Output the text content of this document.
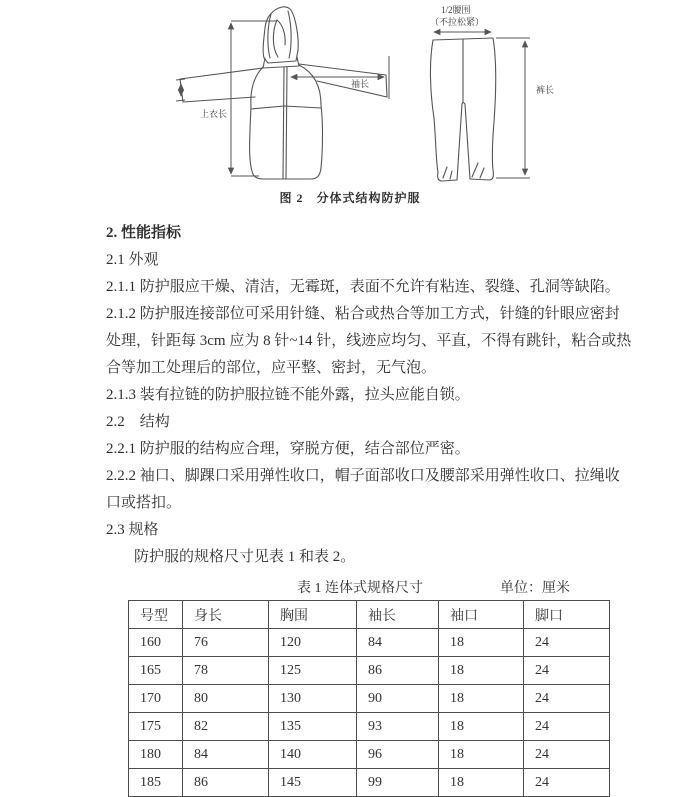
上衣长
袖长
1/2腰围
（不拉松紧）
裤长
图 2　分体式结构防护服
2. 性能指标
2.1 外观
2.1.1 防护服应干燥、清洁，无霉斑，表面不允许有粘连、裂缝、孔洞等缺陷。
2.1.2 防护服连接部位可采用针缝、粘合或热合等加工方式，针缝的针眼应密封
处理，针距每 3cm 应为 8 针~14 针，线迹应均匀、平直，不得有跳针，粘合或热
合等加工处理后的部位，应平整、密封，无气泡。
2.1.3 装有拉链的防护服拉链不能外露，拉头应能自锁。
2.2　结构
2.2.1 防护服的结构应合理，穿脱方便，结合部位严密。
2.2.2 袖口、脚踝口采用弹性收口，帽子面部收口及腰部采用弹性收口、拉绳收
口或搭扣。
2.3 规格
防护服的规格尺寸见表 1 和表 2。
表 1 连体式规格尺寸	单位：厘米
号型	身长	胸围	袖长	袖口	脚口
160	76	120	84	18	24
165	78	125	86	18	24
170	80	130	90	18	24
175	82	135	93	18	24
180	84	140	96	18	24
185	86	145	99	18	24
